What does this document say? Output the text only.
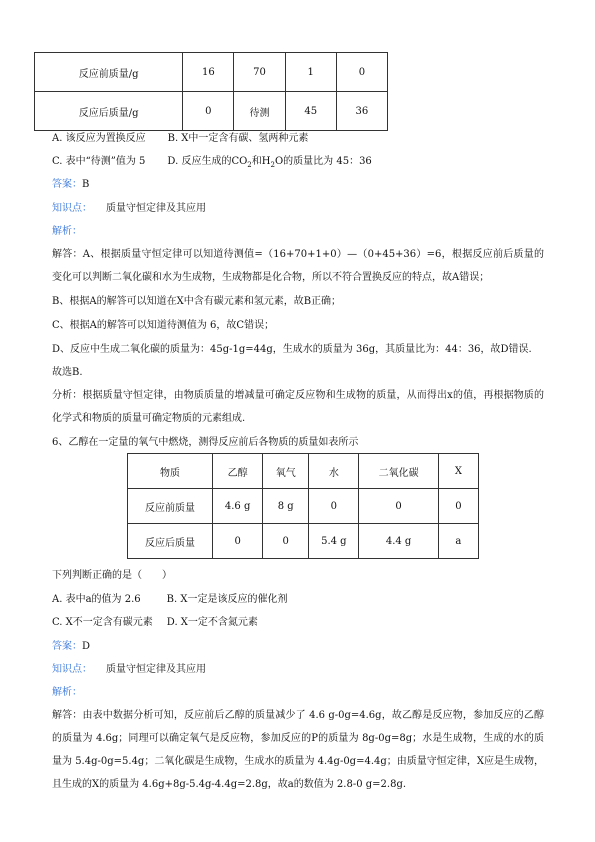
反应前质量/g	16	70	1	0
反应后质量/g	0	待测	45	36
A. 该反应为置换反应 B. X中一定含有碳、氢两种元素
C. 表中“待测”值为 5 D. 反应生成的$CO_2$和$H_2O$的质量比为 45：36
答案：B
知识点： 质量守恒定律及其应用
解析：
解答：A、根据质量守恒定律可以知道待测值=（16+70+1+0）—（0+45+36）=6，根据反应前后质量的变化可以判断二氧化碳和水为生成物，生成物都是化合物，所以不符合置换反应的特点，故A错误；
B、根据A的解答可以知道在X中含有碳元素和氢元素，故B正确；
C、根据A的解答可以知道待测值为 6，故C错误；
D、反应中生成二氧化碳的质量为：45g-1g=44g，生成水的质量为 36g，其质量比为：44：36，故D错误.
故选B.
分析：根据质量守恒定律，由物质质量的增减量可确定反应物和生成物的质量，从而得出x的值，再根据物质的化学式和物质的质量可确定物质的元素组成.
6、乙醇在一定量的氧气中燃烧，测得反应前后各物质的质量如表所示
物质	乙醇	氧气	水	二氧化碳	X
反应前质量	4.6 g	8 g	0	0	0
反应后质量	0	0	5.4 g	4.4 g	a
下列判断正确的是（　　）
A. 表中a的值为 2.6	B. X一定是该反应的催化剂
C. X不一定含有碳元素 D. X一定不含氮元素
答案：D
知识点： 质量守恒定律及其应用
解析：
解答：由表中数据分析可知，反应前后乙醇的质量减少了 4.6 g-0g=4.6g，故乙醇是反应物，参加反应的乙醇的质量为 4.6g；同理可以确定氧气是反应物，参加反应的P的质量为 8g-0g=8g；水是生成物，生成的水的质量为 5.4g-0g=5.4g；二氧化碳是生成物，生成水的质量为 4.4g-0g=4.4g；由质量守恒定律，X应是生成物，且生成的X的质量为 4.6g+8g-5.4g-4.4g=2.8g，故a的数值为 2.8-0 g=2.8g.
